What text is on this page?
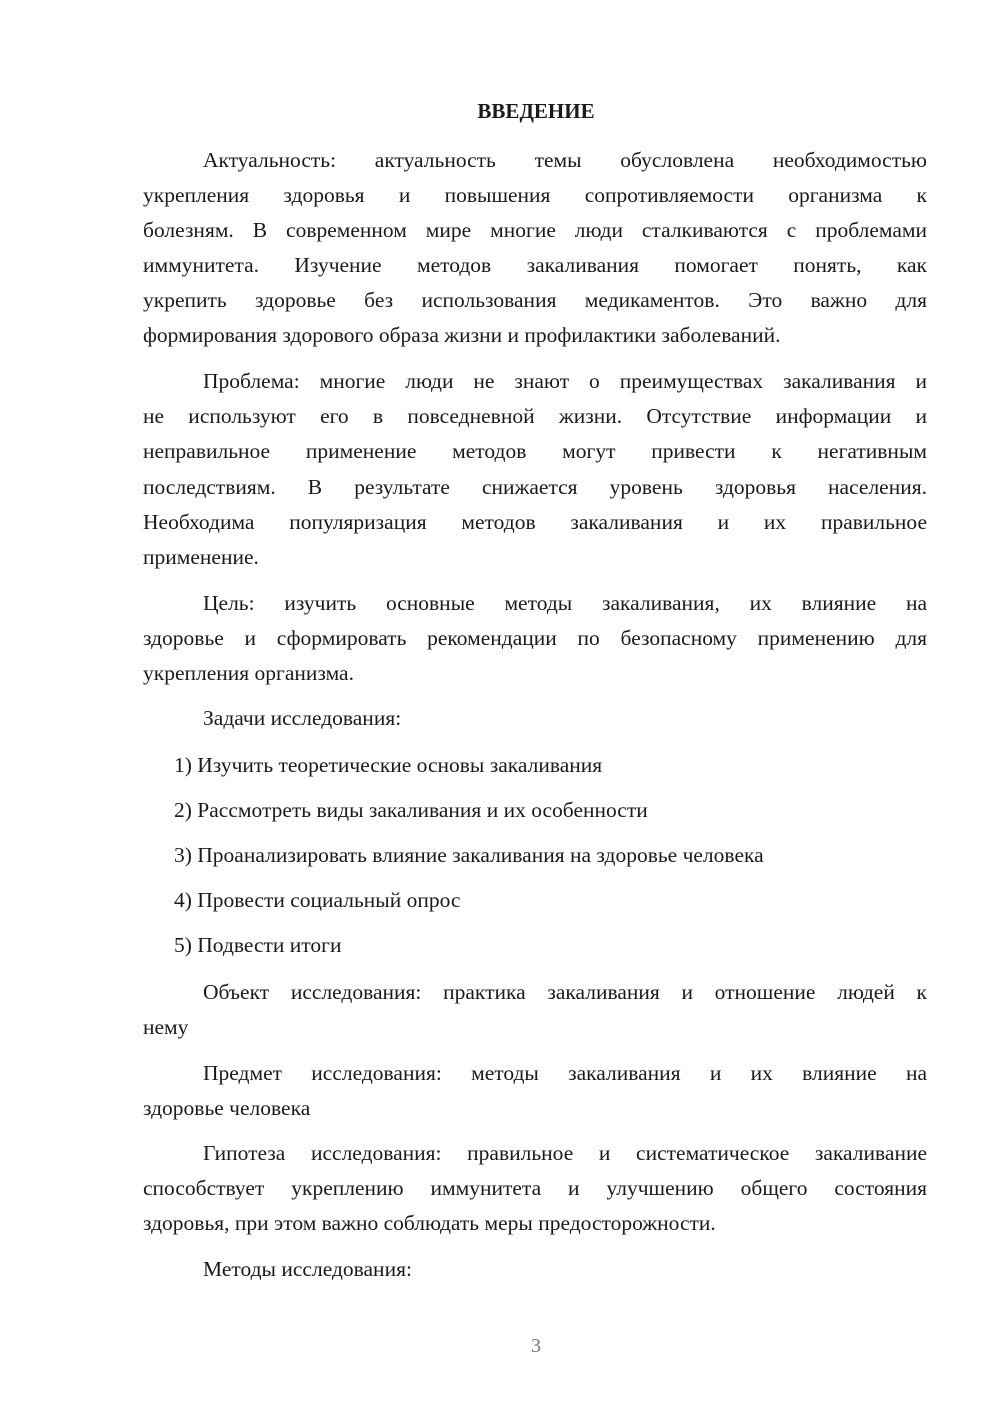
ВВЕДЕНИЕ
Актуальность: актуальность темы обусловлена необходимостью
укрепления здоровья и повышения сопротивляемости организма к
болезням. В современном мире многие люди сталкиваются с проблемами
иммунитета. Изучение методов закаливания помогает понять, как
укрепить здоровье без использования медикаментов. Это важно для
формирования здорового образа жизни и профилактики заболеваний.
Проблема: многие люди не знают о преимуществах закаливания и
не используют его в повседневной жизни. Отсутствие информации и
неправильное применение методов могут привести к негативным
последствиям. В результате снижается уровень здоровья населения.
Необходима популяризация методов закаливания и их правильное
применение.
Цель: изучить основные методы закаливания, их влияние на
здоровье и сформировать рекомендации по безопасному применению для
укрепления организма.
Задачи исследования:
1) Изучить теоретические основы закаливания
2) Рассмотреть виды закаливания и их особенности
3) Проанализировать влияние закаливания на здоровье человека
4) Провести социальный опрос
5) Подвести итоги
Объект исследования: практика закаливания и отношение людей к
нему
Предмет исследования: методы закаливания и их влияние на
здоровье человека
Гипотеза исследования: правильное и систематическое закаливание
способствует укреплению иммунитета и улучшению общего состояния
здоровья, при этом важно соблюдать меры предосторожности.
Методы исследования:
3
